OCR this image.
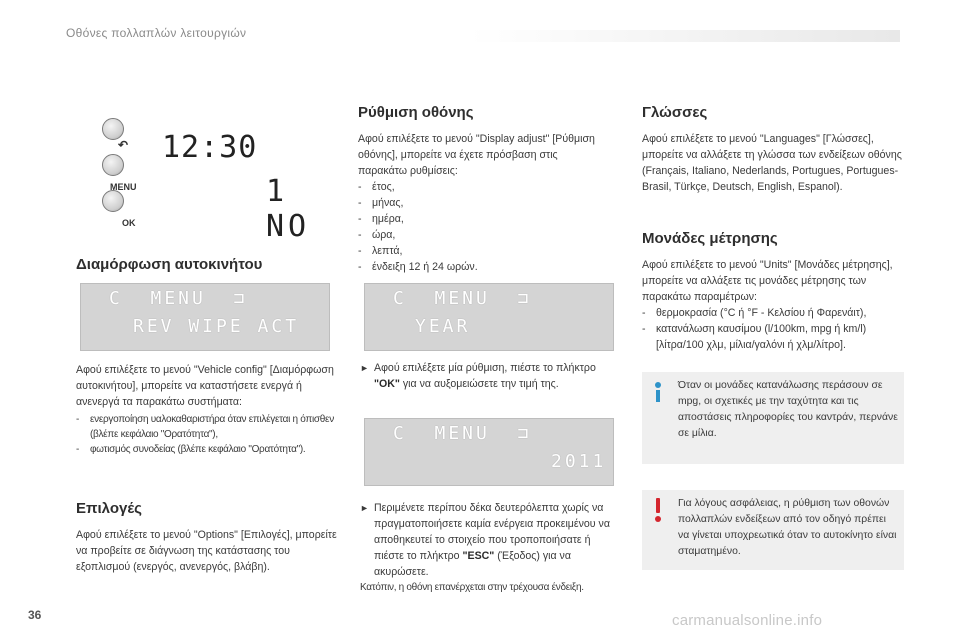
Οθόνες πολλαπλών λειτουργιών
↶
MENU
OK
12:30
1 NO
Διαμόρφωση αυτοκινήτου
C  MENU  ⊐
REV WIPE ACT
Αφού επιλέξετε το μενού "Vehicle config" [Διαμόρφωση αυτοκινήτου], μπορείτε να καταστήσετε ενεργά ή ανενεργά τα παρακάτω συστήματα:
-	ενεργοποίηση υαλοκαθαριστήρα όταν επιλέγεται η όπισθεν (βλέπε κεφάλαιο "Ορατότητα"),
-	φωτισμός συνοδείας (βλέπε κεφάλαιο "Ορατότητα").
Επιλογές
Αφού επιλέξετε το μενού "Options" [Επιλογές], μπορείτε να προβείτε σε διάγνωση της κατάστασης του εξοπλισμού (ενεργός, ανενεργός, βλάβη).
Ρύθμιση οθόνης
Αφού επιλέξετε το μενού "Display adjust" [Ρύθμιση οθόνης], μπορείτε να έχετε πρόσβαση στις παρακάτω ρυθμίσεις:
- έτος,
- μήνας,
- ημέρα,
- ώρα,
- λεπτά,
- ένδειξη 12 ή 24 ωρών.
C  MENU  ⊐
YEAR
► Αφού επιλέξετε μία ρύθμιση, πιέστε το πλήκτρο "OK" για να αυξομειώσετε την τιμή της.
C  MENU  ⊐
2011
► Περιμένετε περίπου δέκα δευτερόλεπτα χωρίς να πραγματοποιήσετε καμία ενέργεια προκειμένου να αποθηκευτεί το στοιχείο που τροποποιήσατε ή πιέστε το πλήκτρο "ESC" (Έξοδος) για να ακυρώσετε.
Κατόπιν, η οθόνη επανέρχεται στην τρέχουσα ένδειξη.
Γλώσσες
Αφού επιλέξετε το μενού "Languages" [Γλώσσες], μπορείτε να αλλάξετε τη γλώσσα των ενδείξεων οθόνης (Français, Italiano, Nederlands, Portugues, Portugues-Brasil, Türkçe, Deutsch, English, Espanol).
Μονάδες μέτρησης
Αφού επιλέξετε το μενού "Units" [Μονάδες μέτρησης], μπορείτε να αλλάξετε τις μονάδες μέτρησης των παρακάτω παραμέτρων:
- θερμοκρασία (°C ή °F - Κελσίου ή Φαρενάιτ),
- κατανάλωση καυσίμου (l/100km, mpg ή km/l) [λίτρα/100 χλμ, μίλια/γαλόνι ή χλμ/λίτρο].
Όταν οι μονάδες κατανάλωσης περάσουν σε mpg, οι σχετικές με την ταχύτητα και τις αποστάσεις πληροφορίες του καντράν, περνάνε σε μίλια.
Για λόγους ασφάλειας, η ρύθμιση των οθονών πολλαπλών ενδείξεων από τον οδηγό πρέπει να γίνεται υποχρεωτικά όταν το αυτοκίνητο είναι σταματημένο.
36	carmanualsonline.info
